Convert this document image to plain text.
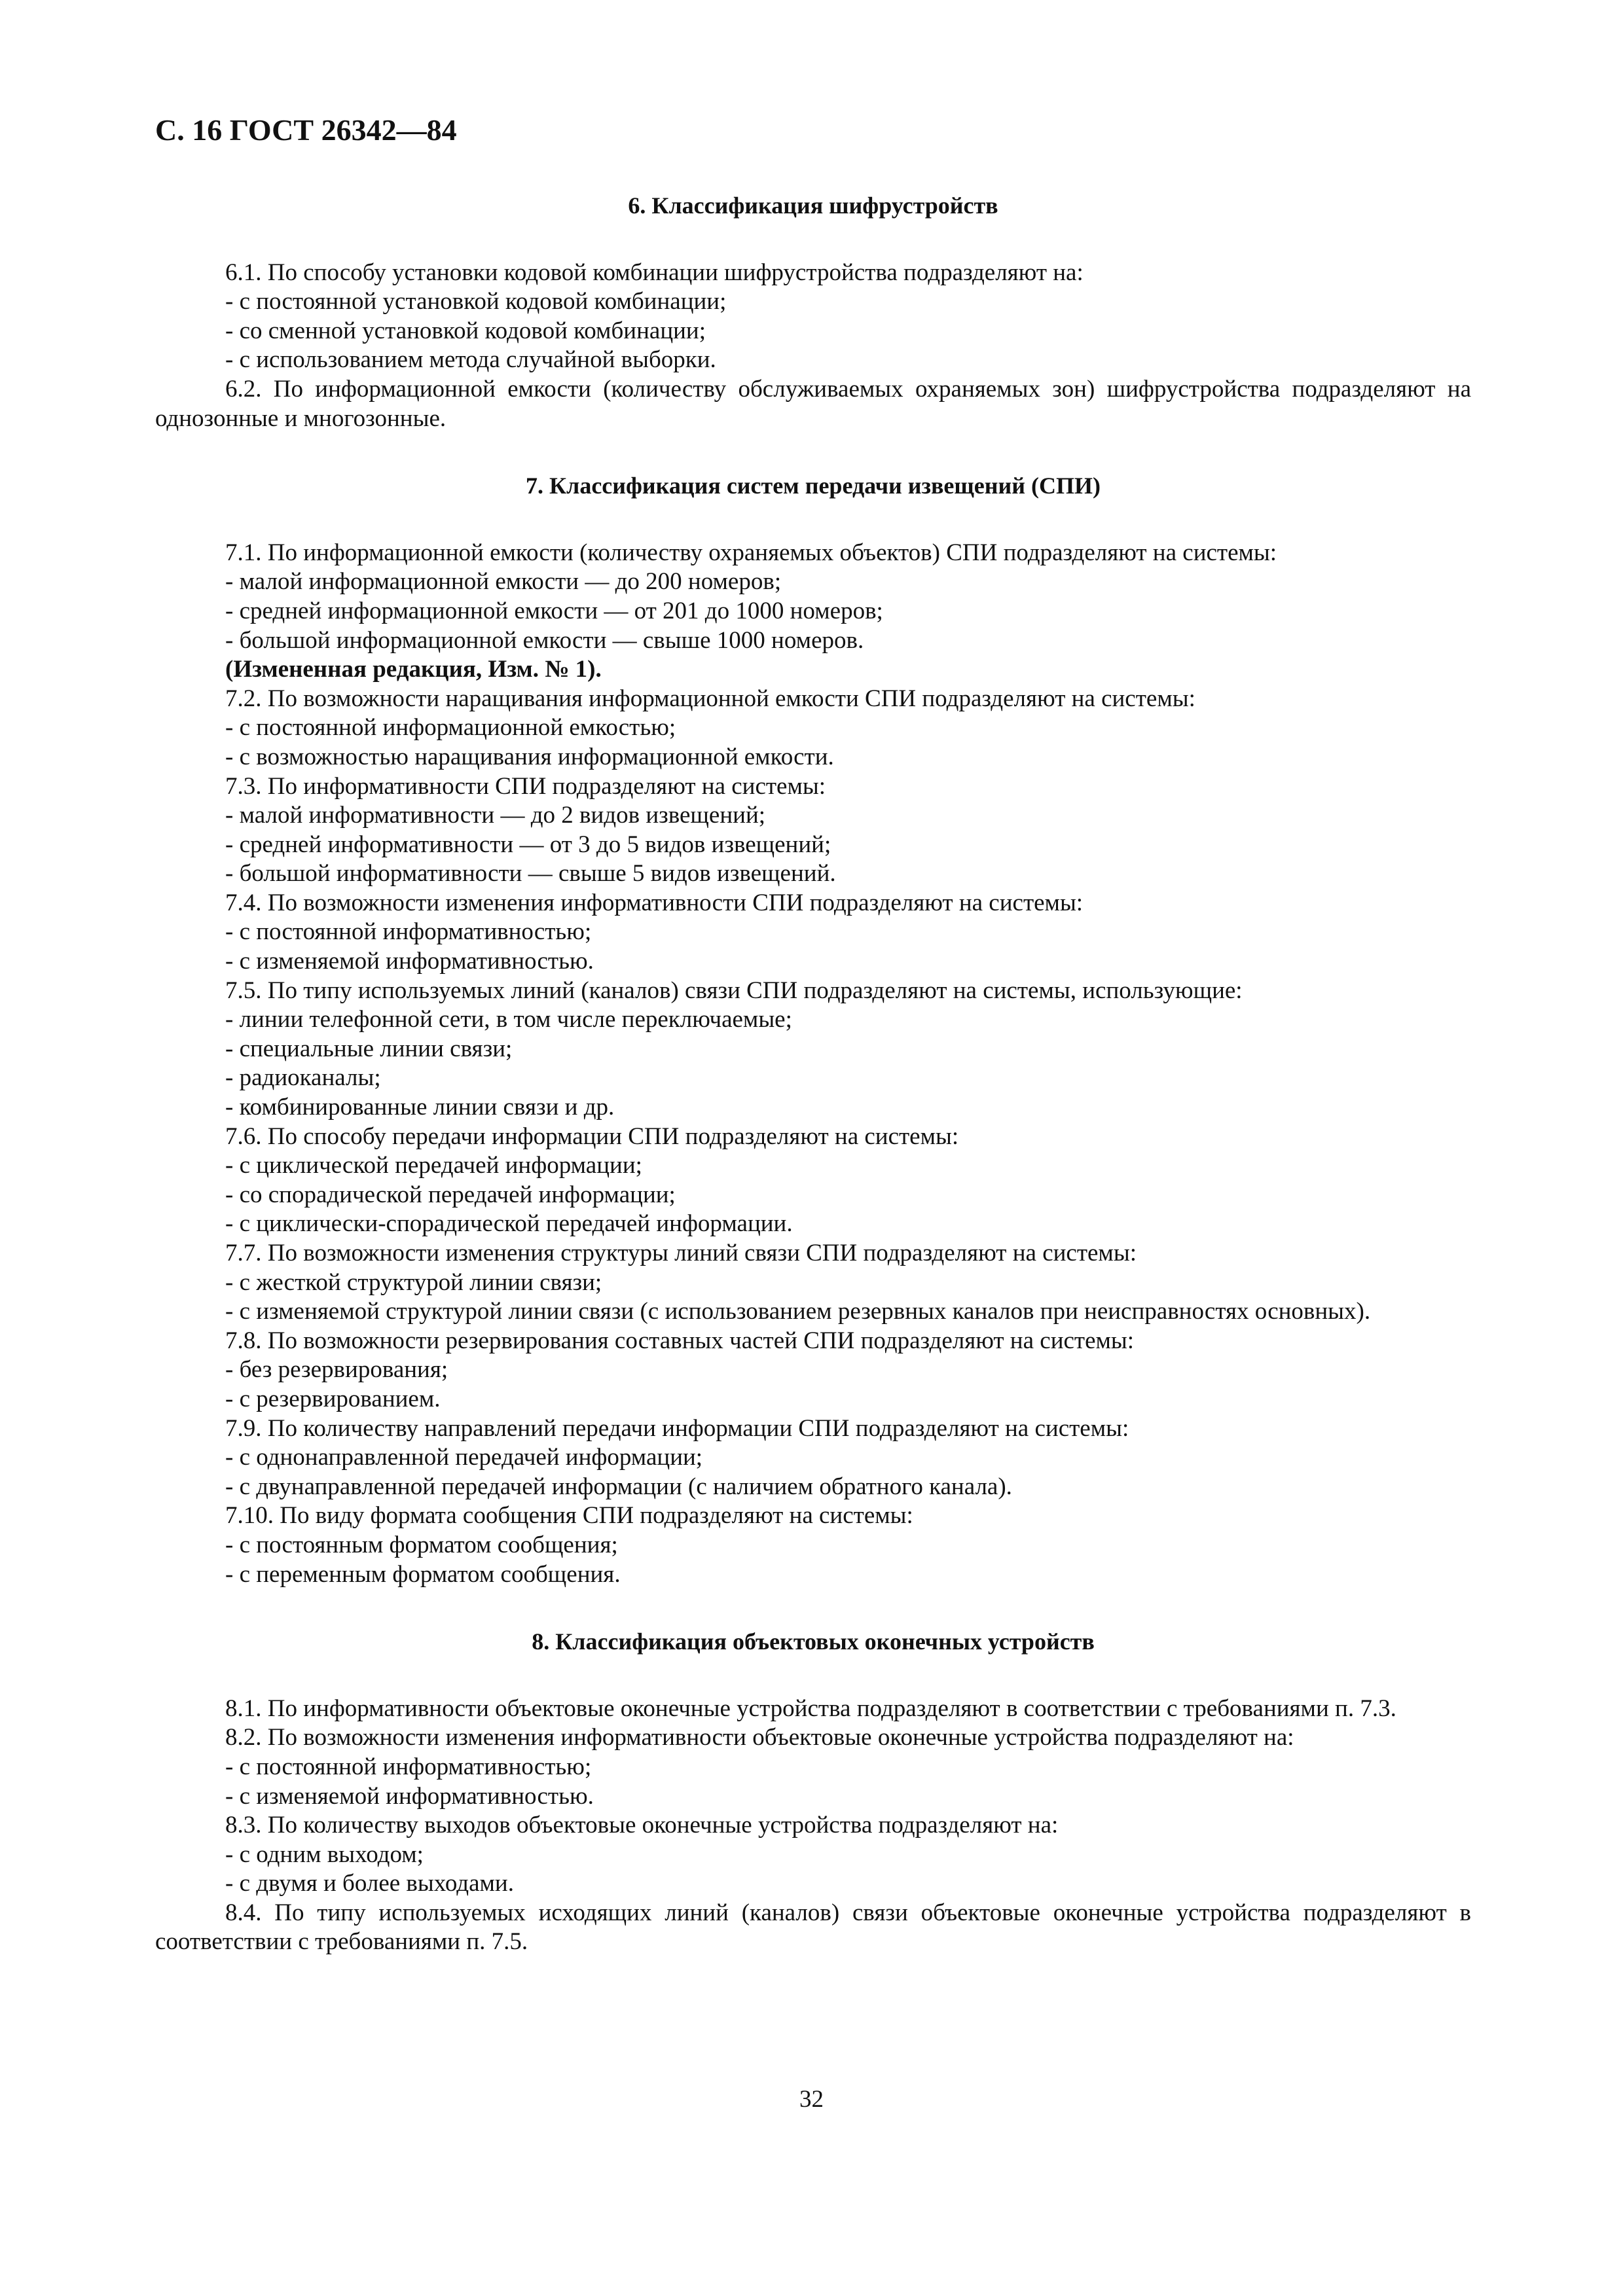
С. 16 ГОСТ 26342—84
6. Классификация шифрустройств

6.1. По способу установки кодовой комбинации шифрустройства подразделяют на:

- с постоянной установкой кодовой комбинации;

- со сменной установкой кодовой комбинации;

- с использованием метода случайной выборки.

6.2. По информационной емкости (количеству обслуживаемых охраняемых зон) шифрустройства подразделяют на однозонные и многозонные.

7. Классификация систем передачи извещений (СПИ)

7.1. По информационной емкости (количеству охраняемых объектов) СПИ подразделяют на системы:

- малой информационной емкости — до 200 номеров;

- средней информационной емкости — от 201 до 1000 номеров;

- большой информационной емкости — свыше 1000 номеров.

(Измененная редакция, Изм. № 1).

7.2. По возможности наращивания информационной емкости СПИ подразделяют на системы:

- с постоянной информационной емкостью;

- с возможностью наращивания информационной емкости.

7.3. По информативности СПИ подразделяют на системы:

- малой информативности — до 2 видов извещений;

- средней информативности — от 3 до 5 видов извещений;

- большой информативности — свыше 5 видов извещений.

7.4. По возможности изменения информативности СПИ подразделяют на системы:

- с постоянной информативностью;

- с изменяемой информативностью.

7.5. По типу используемых линий (каналов) связи СПИ подразделяют на системы, использующие:

- линии телефонной сети, в том числе переключаемые;

- специальные линии связи;

- радиоканалы;

- комбинированные линии связи и др.

7.6. По способу передачи информации СПИ подразделяют на системы:

- с циклической передачей информации;

- со спорадической передачей информации;

- с циклически-спорадической передачей информации.

7.7. По возможности изменения структуры линий связи СПИ подразделяют на системы:

- с жесткой структурой линии связи;

- с изменяемой структурой линии связи (с использованием резервных каналов при неисправностях основных).

7.8. По возможности резервирования составных частей СПИ подразделяют на системы:

- без резервирования;

- с резервированием.

7.9. По количеству направлений передачи информации СПИ подразделяют на системы:

- с однонаправленной передачей информации;

- с двунаправленной передачей информации (с наличием обратного канала).

7.10. По виду формата сообщения СПИ подразделяют на системы:

- с постоянным форматом сообщения;

- с переменным форматом сообщения.

8. Классификация объектовых оконечных устройств

8.1. По информативности объектовые оконечные устройства подразделяют в соответствии с требованиями п. 7.3.

8.2. По возможности изменения информативности объектовые оконечные устройства подразделяют на:

- с постоянной информативностью;

- с изменяемой информативностью.

8.3. По количеству выходов объектовые оконечные устройства подразделяют на:

- с одним выходом;

- с двумя и более выходами.

8.4. По типу используемых исходящих линий (каналов) связи объектовые оконечные устройства подразделяют в соответствии с требованиями п. 7.5.

32
